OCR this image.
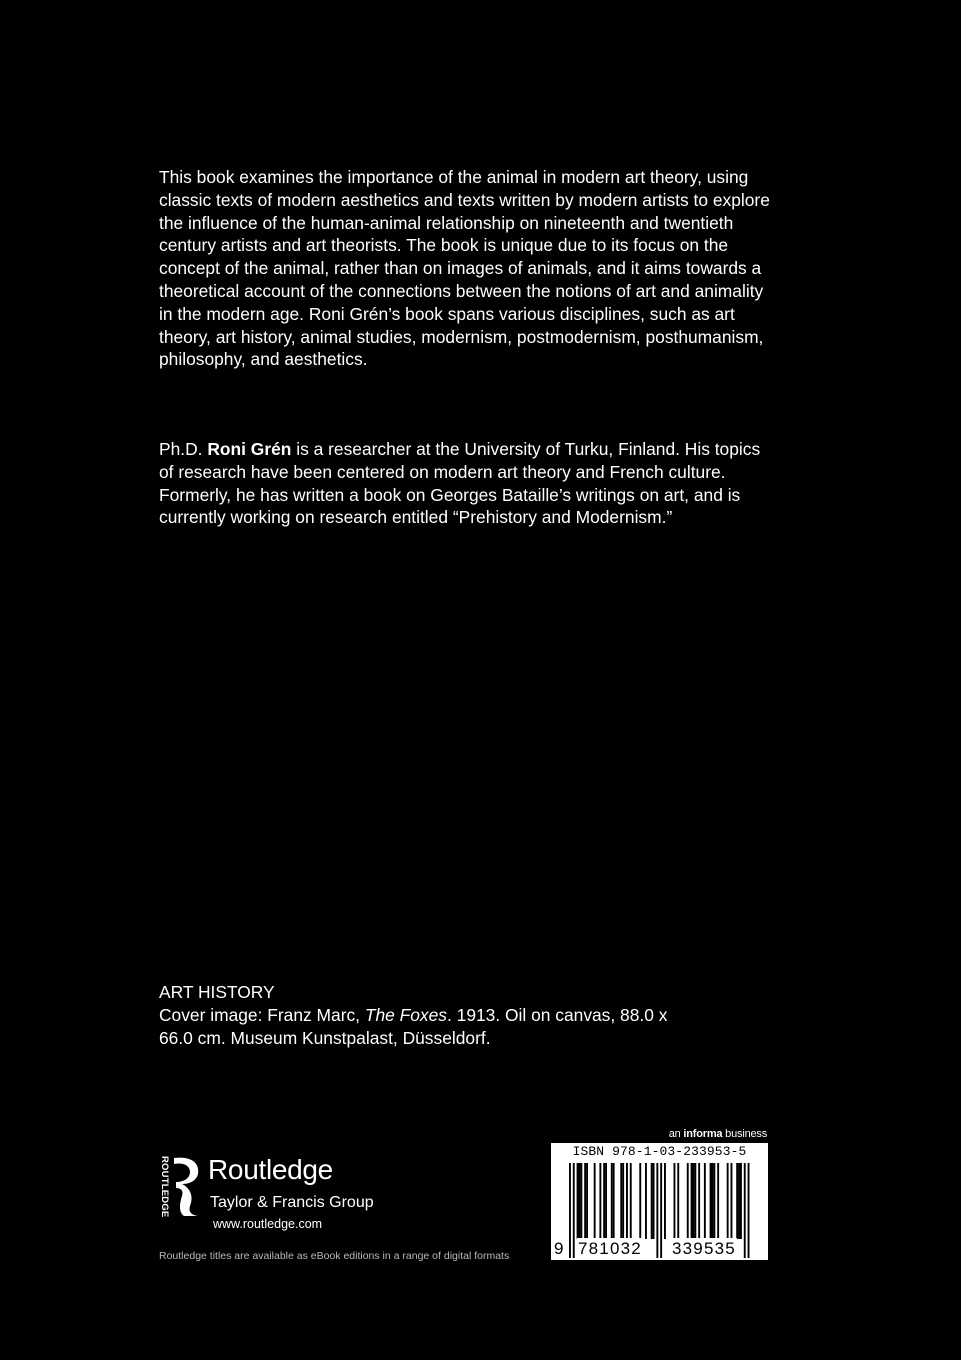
This book examines the importance of the animal in modern art theory, using classic texts of modern aesthetics and texts written by modern artists to explore the influence of the human-animal relationship on nineteenth and twentieth century artists and art theorists. The book is unique due to its focus on the concept of the animal, rather than on images of animals, and it aims towards a theoretical account of the connections between the notions of art and animality in the modern age. Roni Grén’s book spans various disciplines, such as art theory, art history, animal studies, modernism, postmodernism, posthumanism, philosophy, and aesthetics.

Ph.D. Roni Grén is a researcher at the University of Turku, Finland. His topics of research have been centered on modern art theory and French culture. Formerly, he has written a book on Georges Bataille’s writings on art, and is currently working on research entitled “Prehistory and Modernism.”

ART HISTORY

Cover image: Franz Marc, The Foxes. 1913. Oil on canvas, 88.0 x 66.0 cm. Museum Kunstpalast, Düsseldorf.

ROUTLEDGE Routledge
Taylor & Francis Group
www.routledge.com
Routledge titles are available as eBook editions in a range of digital formats
an informa business
ISBN 978-1-03-233953-5
9 781032 339535
